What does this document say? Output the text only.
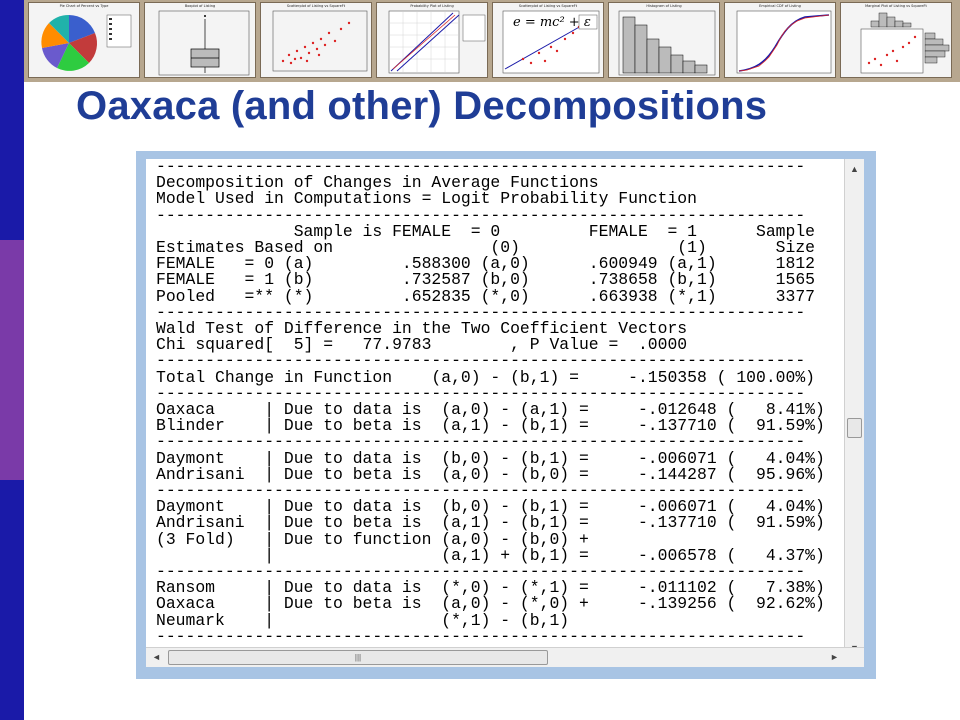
Pie Chart of Percent vs Type	Boxplot of Listing	Scatterplot of Listing vs SquareFt	Probability Plot of Listing	Scatterplot of Listing vs SquareFt
e = mc² + ε
Histogram of Listing	Empirical CDF of Listing	Marginal Plot of Listing vs SquareFt
Oaxaca (and other) Decompositions
------------------------------------------------------------------
Decomposition of Changes in Average Functions
Model Used in Computations = Logit Probability Function
------------------------------------------------------------------
Sample is FEMALE  = 0         FEMALE  = 1      Sample
Estimates Based on                (0)                (1)       Size
FEMALE   = 0 (a)         .588300 (a,0)      .600949 (a,1)      1812
FEMALE   = 1 (b)         .732587 (b,0)      .738658 (b,1)      1565
Pooled   =** (*)         .652835 (*,0)      .663938 (*,1)      3377
------------------------------------------------------------------
Wald Test of Difference in the Two Coefficient Vectors
Chi squared[  5] =   77.9783        , P Value =  .0000
------------------------------------------------------------------
Total Change in Function    (a,0) - (b,1) =     -.150358 ( 100.00%)
------------------------------------------------------------------
Oaxaca     | Due to data is  (a,0) - (a,1) =     -.012648 (   8.41%)
Blinder    | Due to beta is  (a,1) - (b,1) =     -.137710 (  91.59%)
------------------------------------------------------------------
Daymont    | Due to data is  (b,0) - (b,1) =     -.006071 (   4.04%)
Andrisani  | Due to beta is  (a,0) - (b,0) =     -.144287 (  95.96%)
------------------------------------------------------------------
Daymont    | Due to data is  (b,0) - (b,1) =     -.006071 (   4.04%)
Andrisani  | Due to beta is  (a,1) - (b,1) =     -.137710 (  91.59%)
(3 Fold)   | Due to function (a,0) - (b,0) +
|                 (a,1) + (b,1) =     -.006578 (   4.37%)
------------------------------------------------------------------
Ransom     | Due to data is  (*,0) - (*,1) =     -.011102 (   7.38%)
Oaxaca     | Due to beta is  (a,0) - (*,0) +     -.139256 (  92.62%)
Neumark    |                 (*,1) - (b,1)
------------------------------------------------------------------
▲
◄	|||	►
